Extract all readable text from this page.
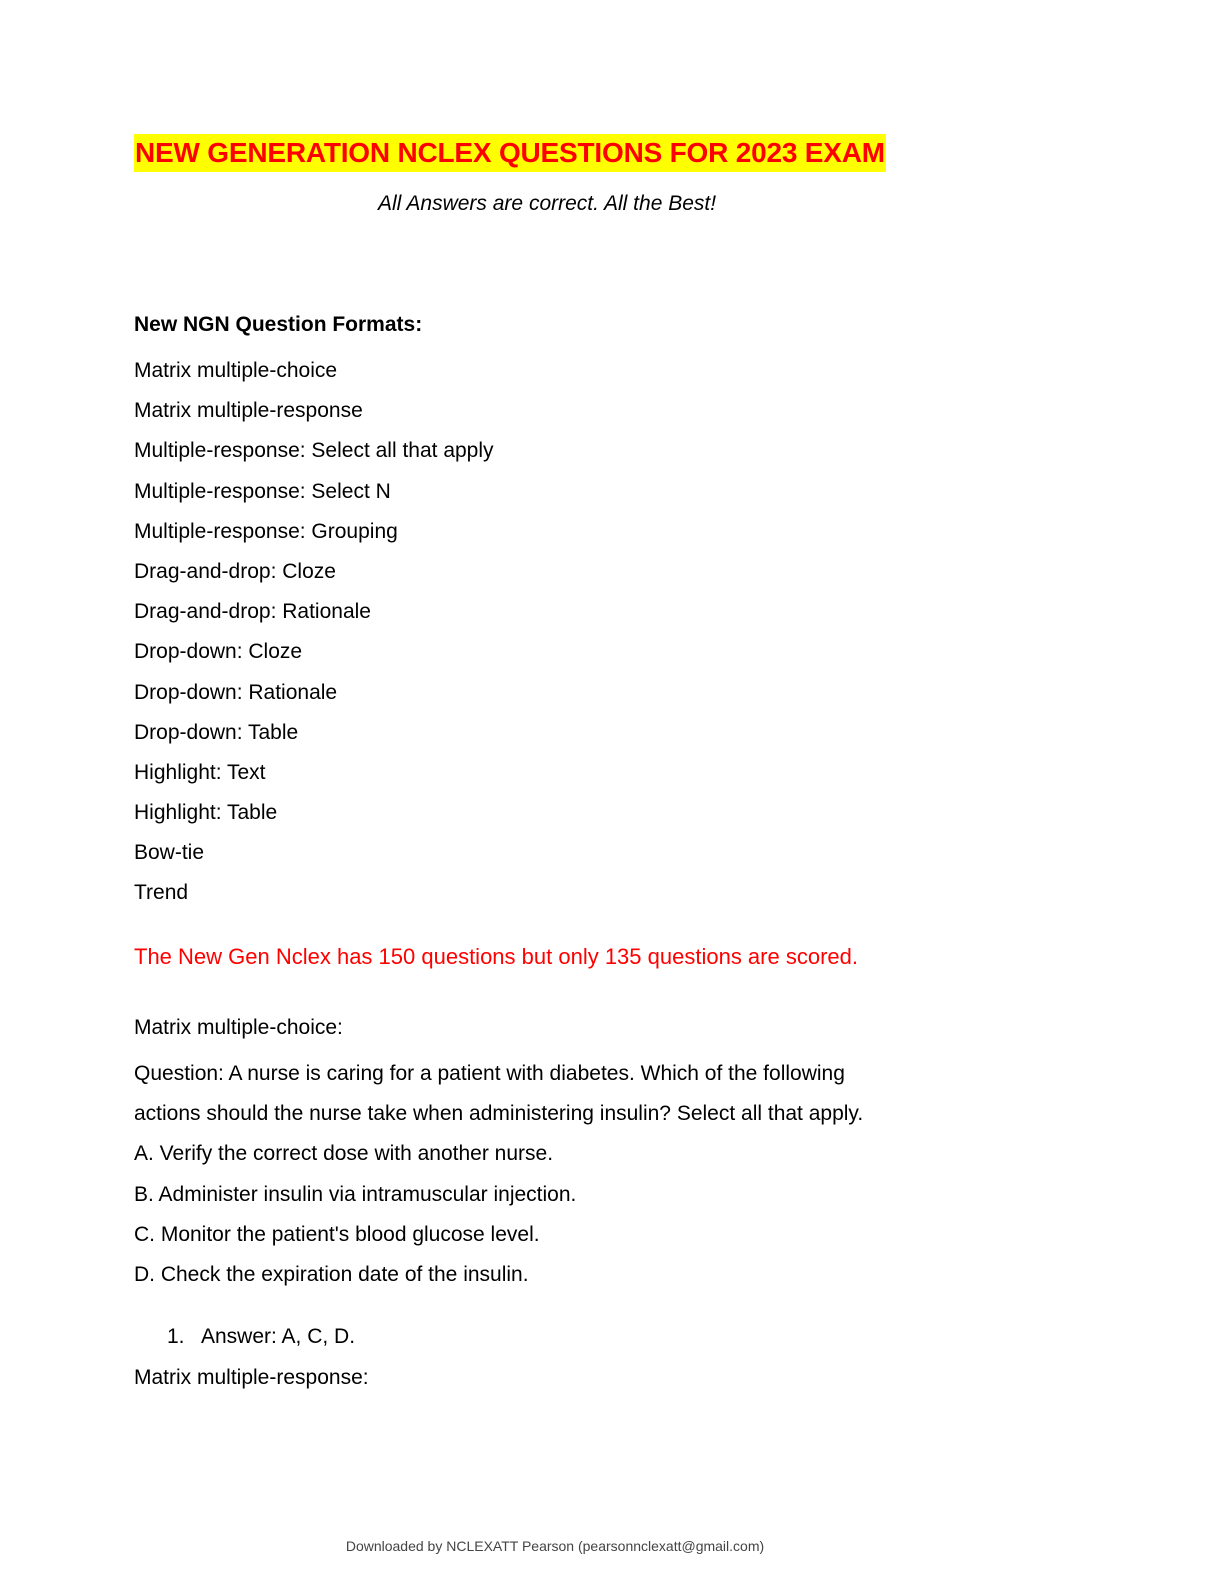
NEW GENERATION NCLEX QUESTIONS FOR 2023 EXAM
All Answers are correct. All the Best!
New NGN Question Formats:
Matrix multiple-choice
Matrix multiple-response
Multiple-response: Select all that apply
Multiple-response: Select N
Multiple-response: Grouping
Drag-and-drop: Cloze
Drag-and-drop: Rationale
Drop-down: Cloze
Drop-down: Rationale
Drop-down: Table
Highlight: Text
Highlight: Table
Bow-tie
Trend
The New Gen Nclex has 150 questions but only 135 questions are scored.
Matrix multiple-choice:
Question: A nurse is caring for a patient with diabetes. Which of the following
actions should the nurse take when administering insulin? Select all that apply.
A. Verify the correct dose with another nurse.
B. Administer insulin via intramuscular injection.
C. Monitor the patient's blood glucose level.
D. Check the expiration date of the insulin.
1. Answer: A, C, D.
Matrix multiple-response:
Downloaded by NCLEXATT Pearson (pearsonnclexatt@gmail.com)
